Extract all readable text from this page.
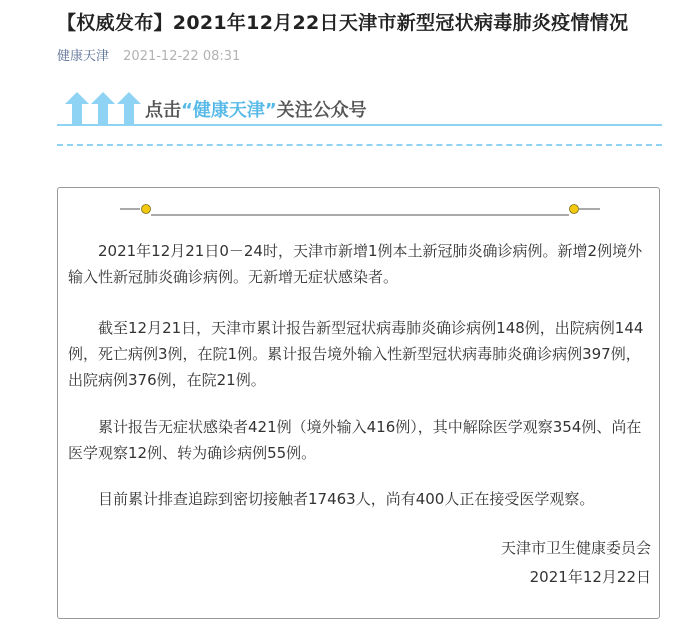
【权威发布】2021年12月22日天津市新型冠状病毒肺炎疫情情况
健康天津 2021-12-22 08:31
点击“健康天津”关注公众号

2021年12月21日0－24时，天津市新增1例本土新冠肺炎确诊病例。新增2例境外输入性新冠肺炎确诊病例。无新增无症状感染者。

截至12月21日，天津市累计报告新型冠状病毒肺炎确诊病例148例，出院病例144例，死亡病例3例，在院1例。累计报告境外输入性新型冠状病毒肺炎确诊病例397例，出院病例376例，在院21例。

累计报告无症状感染者421例（境外输入416例），其中解除医学观察354例、尚在医学观察12例、转为确诊病例55例。

目前累计排查追踪到密切接触者17463人，尚有400人正在接受医学观察。

天津市卫生健康委员会
2021年12月22日
